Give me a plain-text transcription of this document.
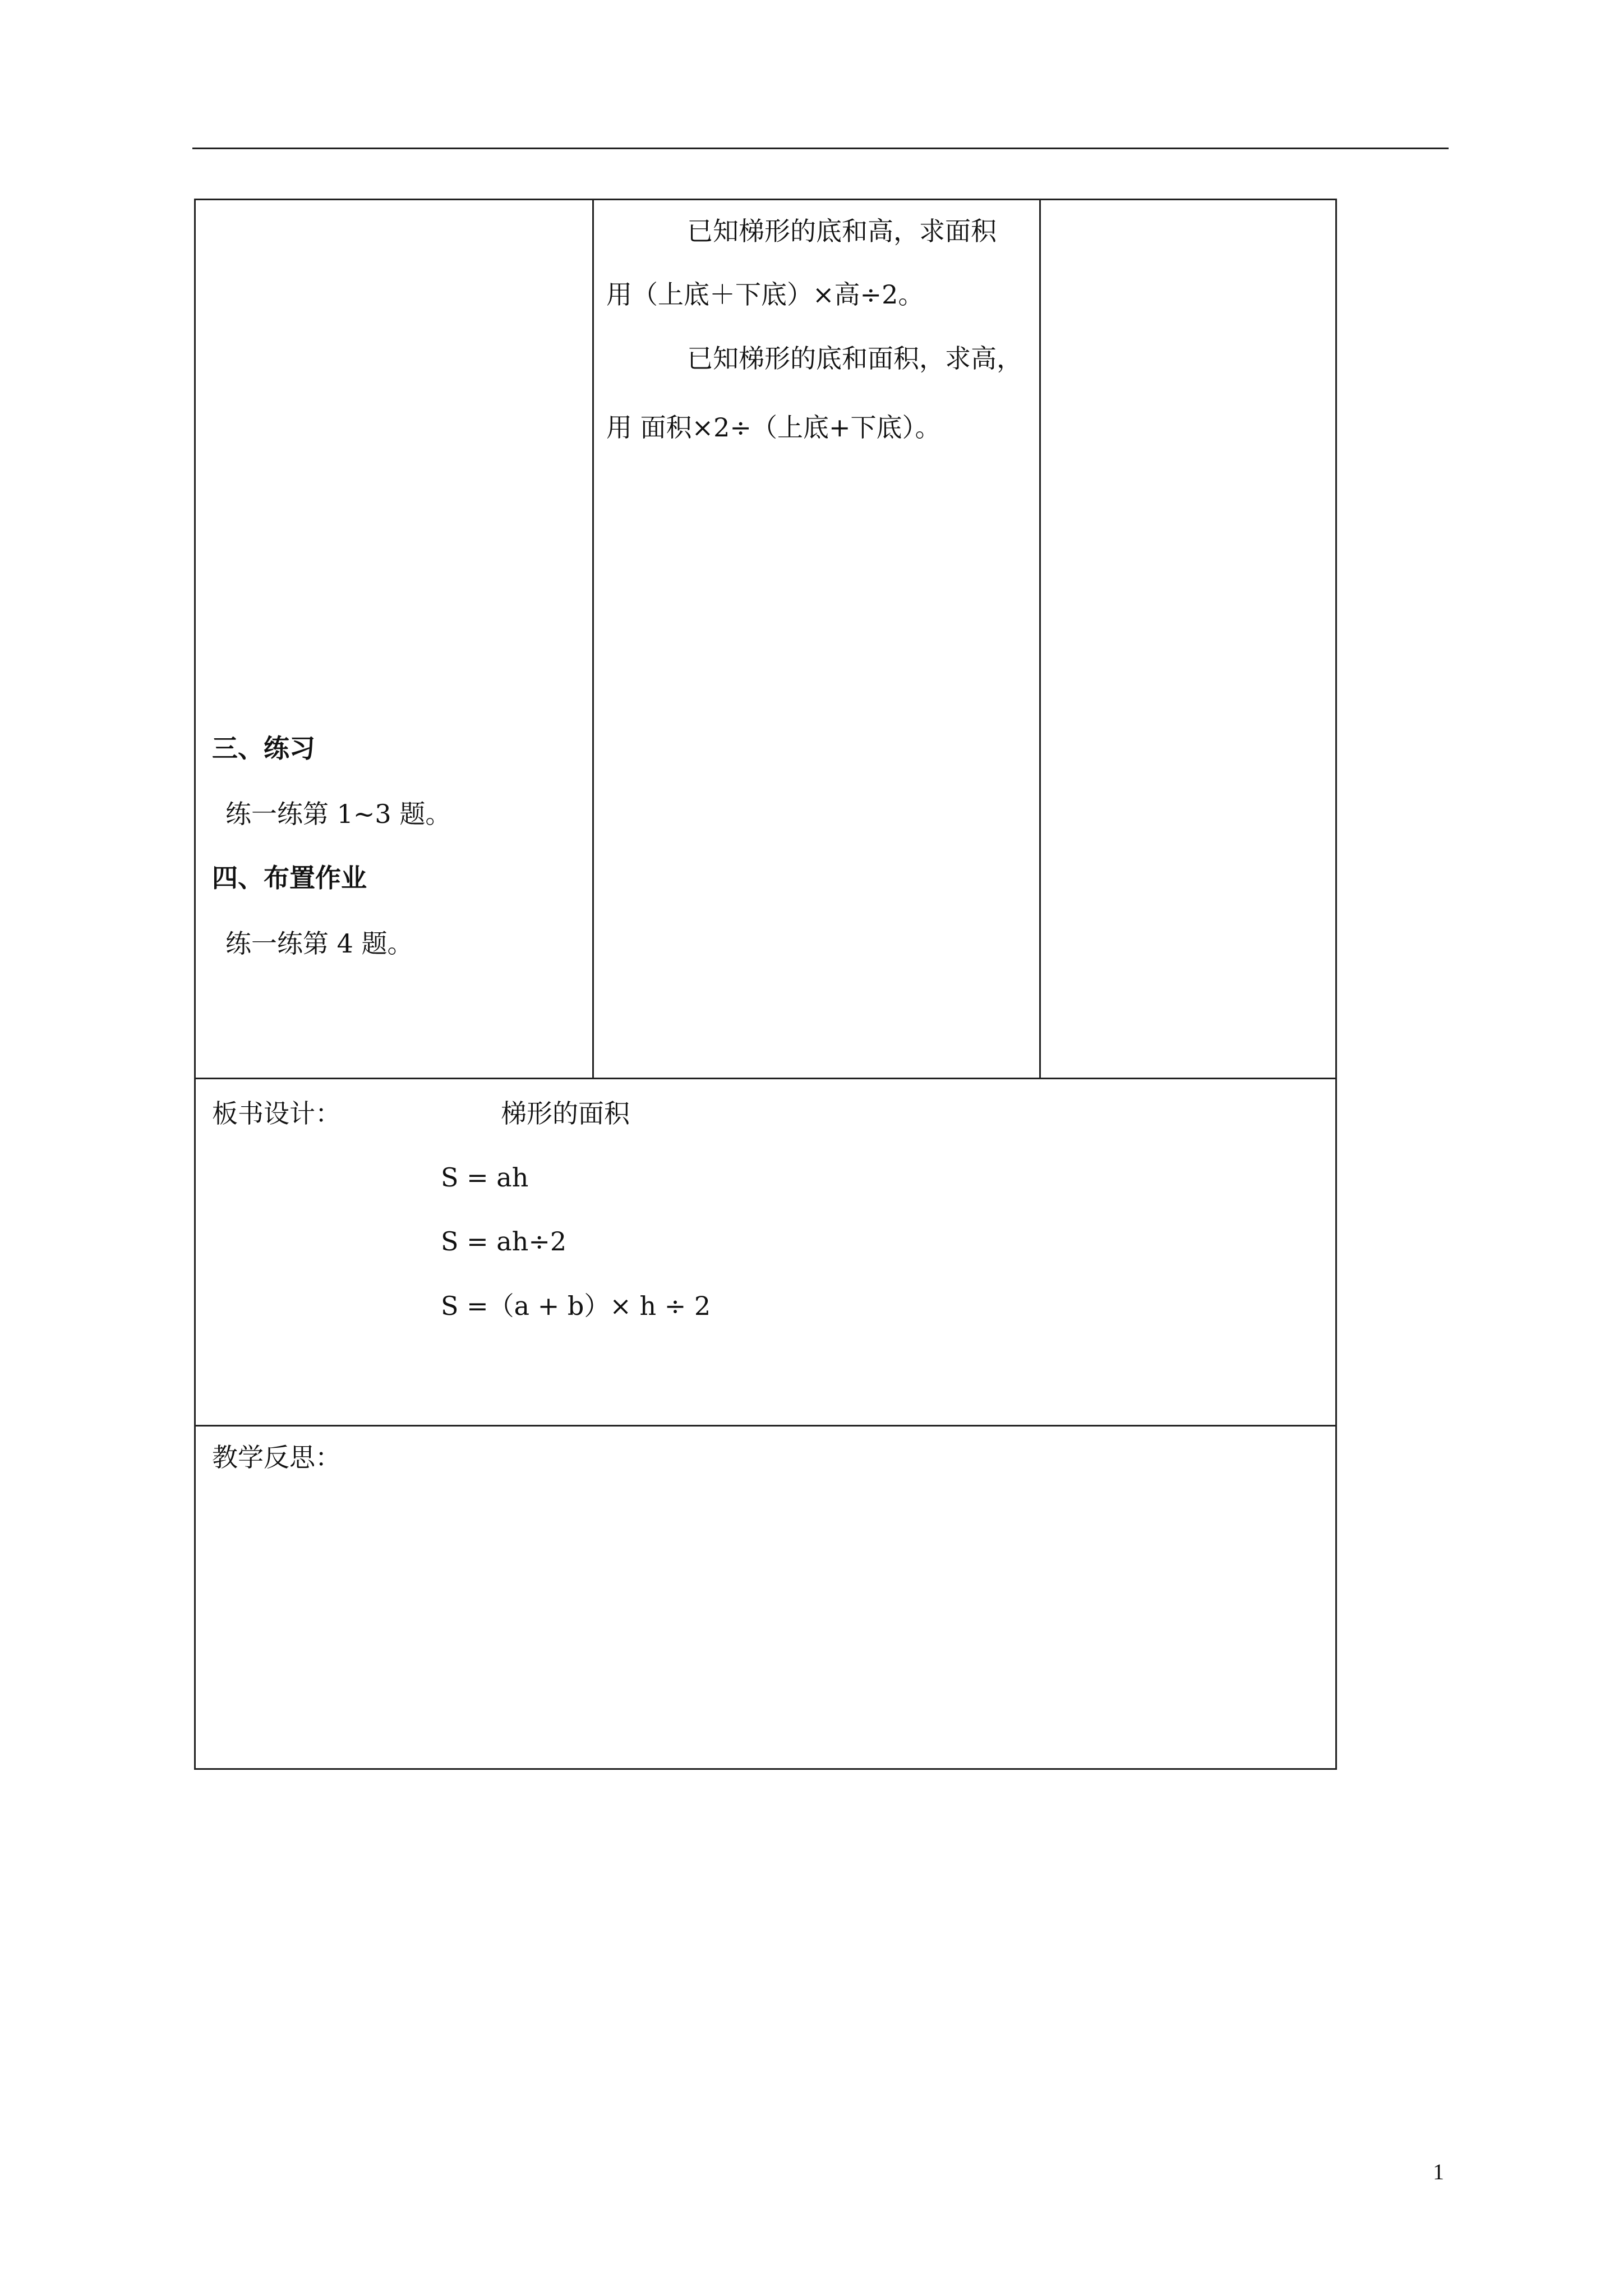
已知梯形的底和高，求面积
用（上底＋下底）×高÷2。
已知梯形的底和面积，求高，
用 面积×2÷（上底+下底）。
三、练习
练一练第 1~3 题。
四、布置作业
练一练第 4 题。
板书设计：	梯形的面积
S = ah
S = ah÷2
S =（a + b）× h ÷ 2
教学反思：
1
